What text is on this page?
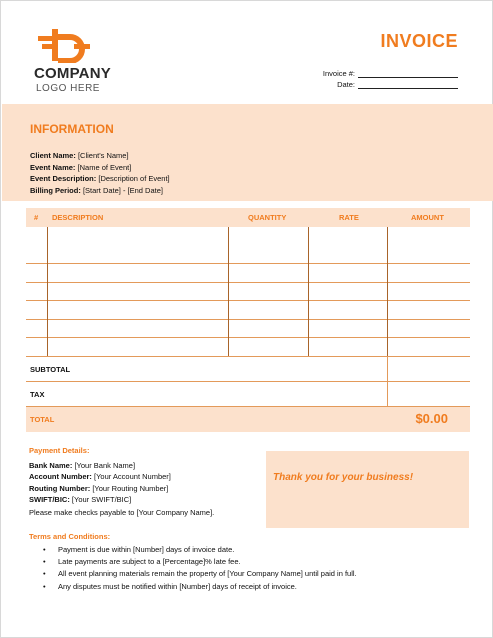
COMPANY
LOGO HERE
INVOICE
Invoice #:
Date:
INFORMATION
Client Name: [Client's Name]
Event Name: [Name of Event]
Event Description: [Description of Event]
Billing Period: [Start Date] - [End Date]
# DESCRIPTION	QUANTITY	RATE	AMOUNT
SUBTOTAL
TAX
TOTAL	$0.00
Payment Details:
Bank Name: [Your Bank Name]
Account Number: [Your Account Number]
Routing Number: [Your Routing Number]
SWIFT/BIC: [Your SWIFT/BIC]
Please make checks payable to [Your Company Name].
Thank you for your business!
Terms and Conditions:
• Payment is due within [Number] days of invoice date.
• Late payments are subject to a [Percentage]% late fee.
• All event planning materials remain the property of [Your Company Name] until paid in full.
• Any disputes must be notified within [Number] days of receipt of invoice.
